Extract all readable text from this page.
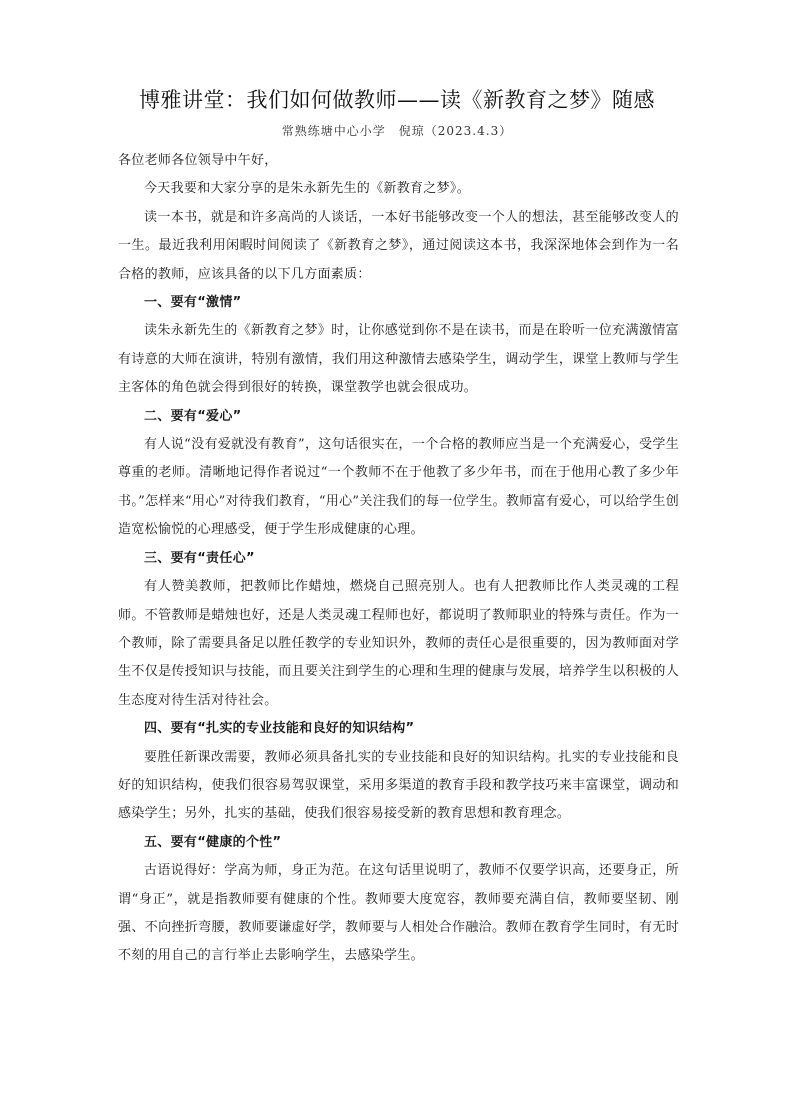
博雅讲堂：我们如何做教师——读《新教育之梦》随感
常熟练塘中心小学　倪琼（2023.4.3）

各位老师各位领导中午好，

今天我要和大家分享的是朱永新先生的《新教育之梦》。

读一本书，就是和许多高尚的人谈话，一本好书能够改变一个人的想法，甚至能够改变人的一生。最近我利用闲暇时间阅读了《新教育之梦》，通过阅读这本书，我深深地体会到作为一名合格的教师，应该具备的以下几方面素质：

一、要有“激情”

读朱永新先生的《新教育之梦》时，让你感觉到你不是在读书，而是在聆听一位充满激情富有诗意的大师在演讲，特别有激情，我们用这种激情去感染学生，调动学生，课堂上教师与学生主客体的角色就会得到很好的转换，课堂教学也就会很成功。

二、要有“爱心”

有人说“没有爱就没有教育”，这句话很实在，一个合格的教师应当是一个充满爱心，受学生尊重的老师。清晰地记得作者说过“一个教师不在于他教了多少年书，而在于他用心教了多少年书。”怎样来“用心”对待我们教育，“用心”关注我们的每一位学生。教师富有爱心，可以给学生创造宽松愉悦的心理感受，便于学生形成健康的心理。

三、要有“责任心”

有人赞美教师，把教师比作蜡烛，燃烧自己照亮别人。也有人把教师比作人类灵魂的工程师。不管教师是蜡烛也好，还是人类灵魂工程师也好，都说明了教师职业的特殊与责任。作为一个教师，除了需要具备足以胜任教学的专业知识外，教师的责任心是很重要的，因为教师面对学生不仅是传授知识与技能，而且要关注到学生的心理和生理的健康与发展，培养学生以积极的人生态度对待生活对待社会。

四、要有“扎实的专业技能和良好的知识结构”

要胜任新课改需要，教师必须具备扎实的专业技能和良好的知识结构。扎实的专业技能和良好的知识结构，使我们很容易驾驭课堂，采用多渠道的教育手段和教学技巧来丰富课堂，调动和感染学生；另外，扎实的基础，使我们很容易接受新的教育思想和教育理念。

五、要有“健康的个性”

古语说得好：学高为师，身正为范。在这句话里说明了，教师不仅要学识高，还要身正，所谓“身正”，就是指教师要有健康的个性。教师要大度宽容，教师要充满自信，教师要坚韧、刚强、不向挫折弯腰，教师要谦虚好学，教师要与人相处合作融洽。教师在教育学生同时，有无时不刻的用自己的言行举止去影响学生，去感染学生。
